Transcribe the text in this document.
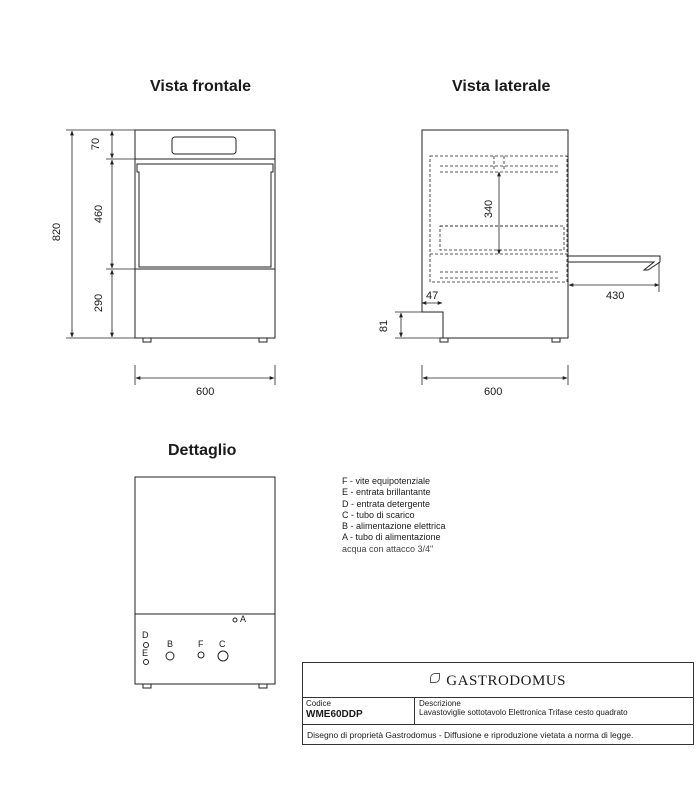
Vista frontale	Vista laterale
Dettaglio
820
70
460
290
600
340
47	430
81
600
A
D
E
B	F C
F - vite equipotenziale
E - entrata brillantante
D - entrata detergente
C - tubo di scarico
B - alimentazione elettrica
A - tubo di alimentazione
acqua con attacco 3/4"
GASTRODOMUS
Codice
WME60DDP
Descrizione
Lavastoviglie sottotavolo Elettronica Trifase cesto quadrato
Disegno di proprietà Gastrodomus - Diffusione e riproduzione vietata a norma di legge.
